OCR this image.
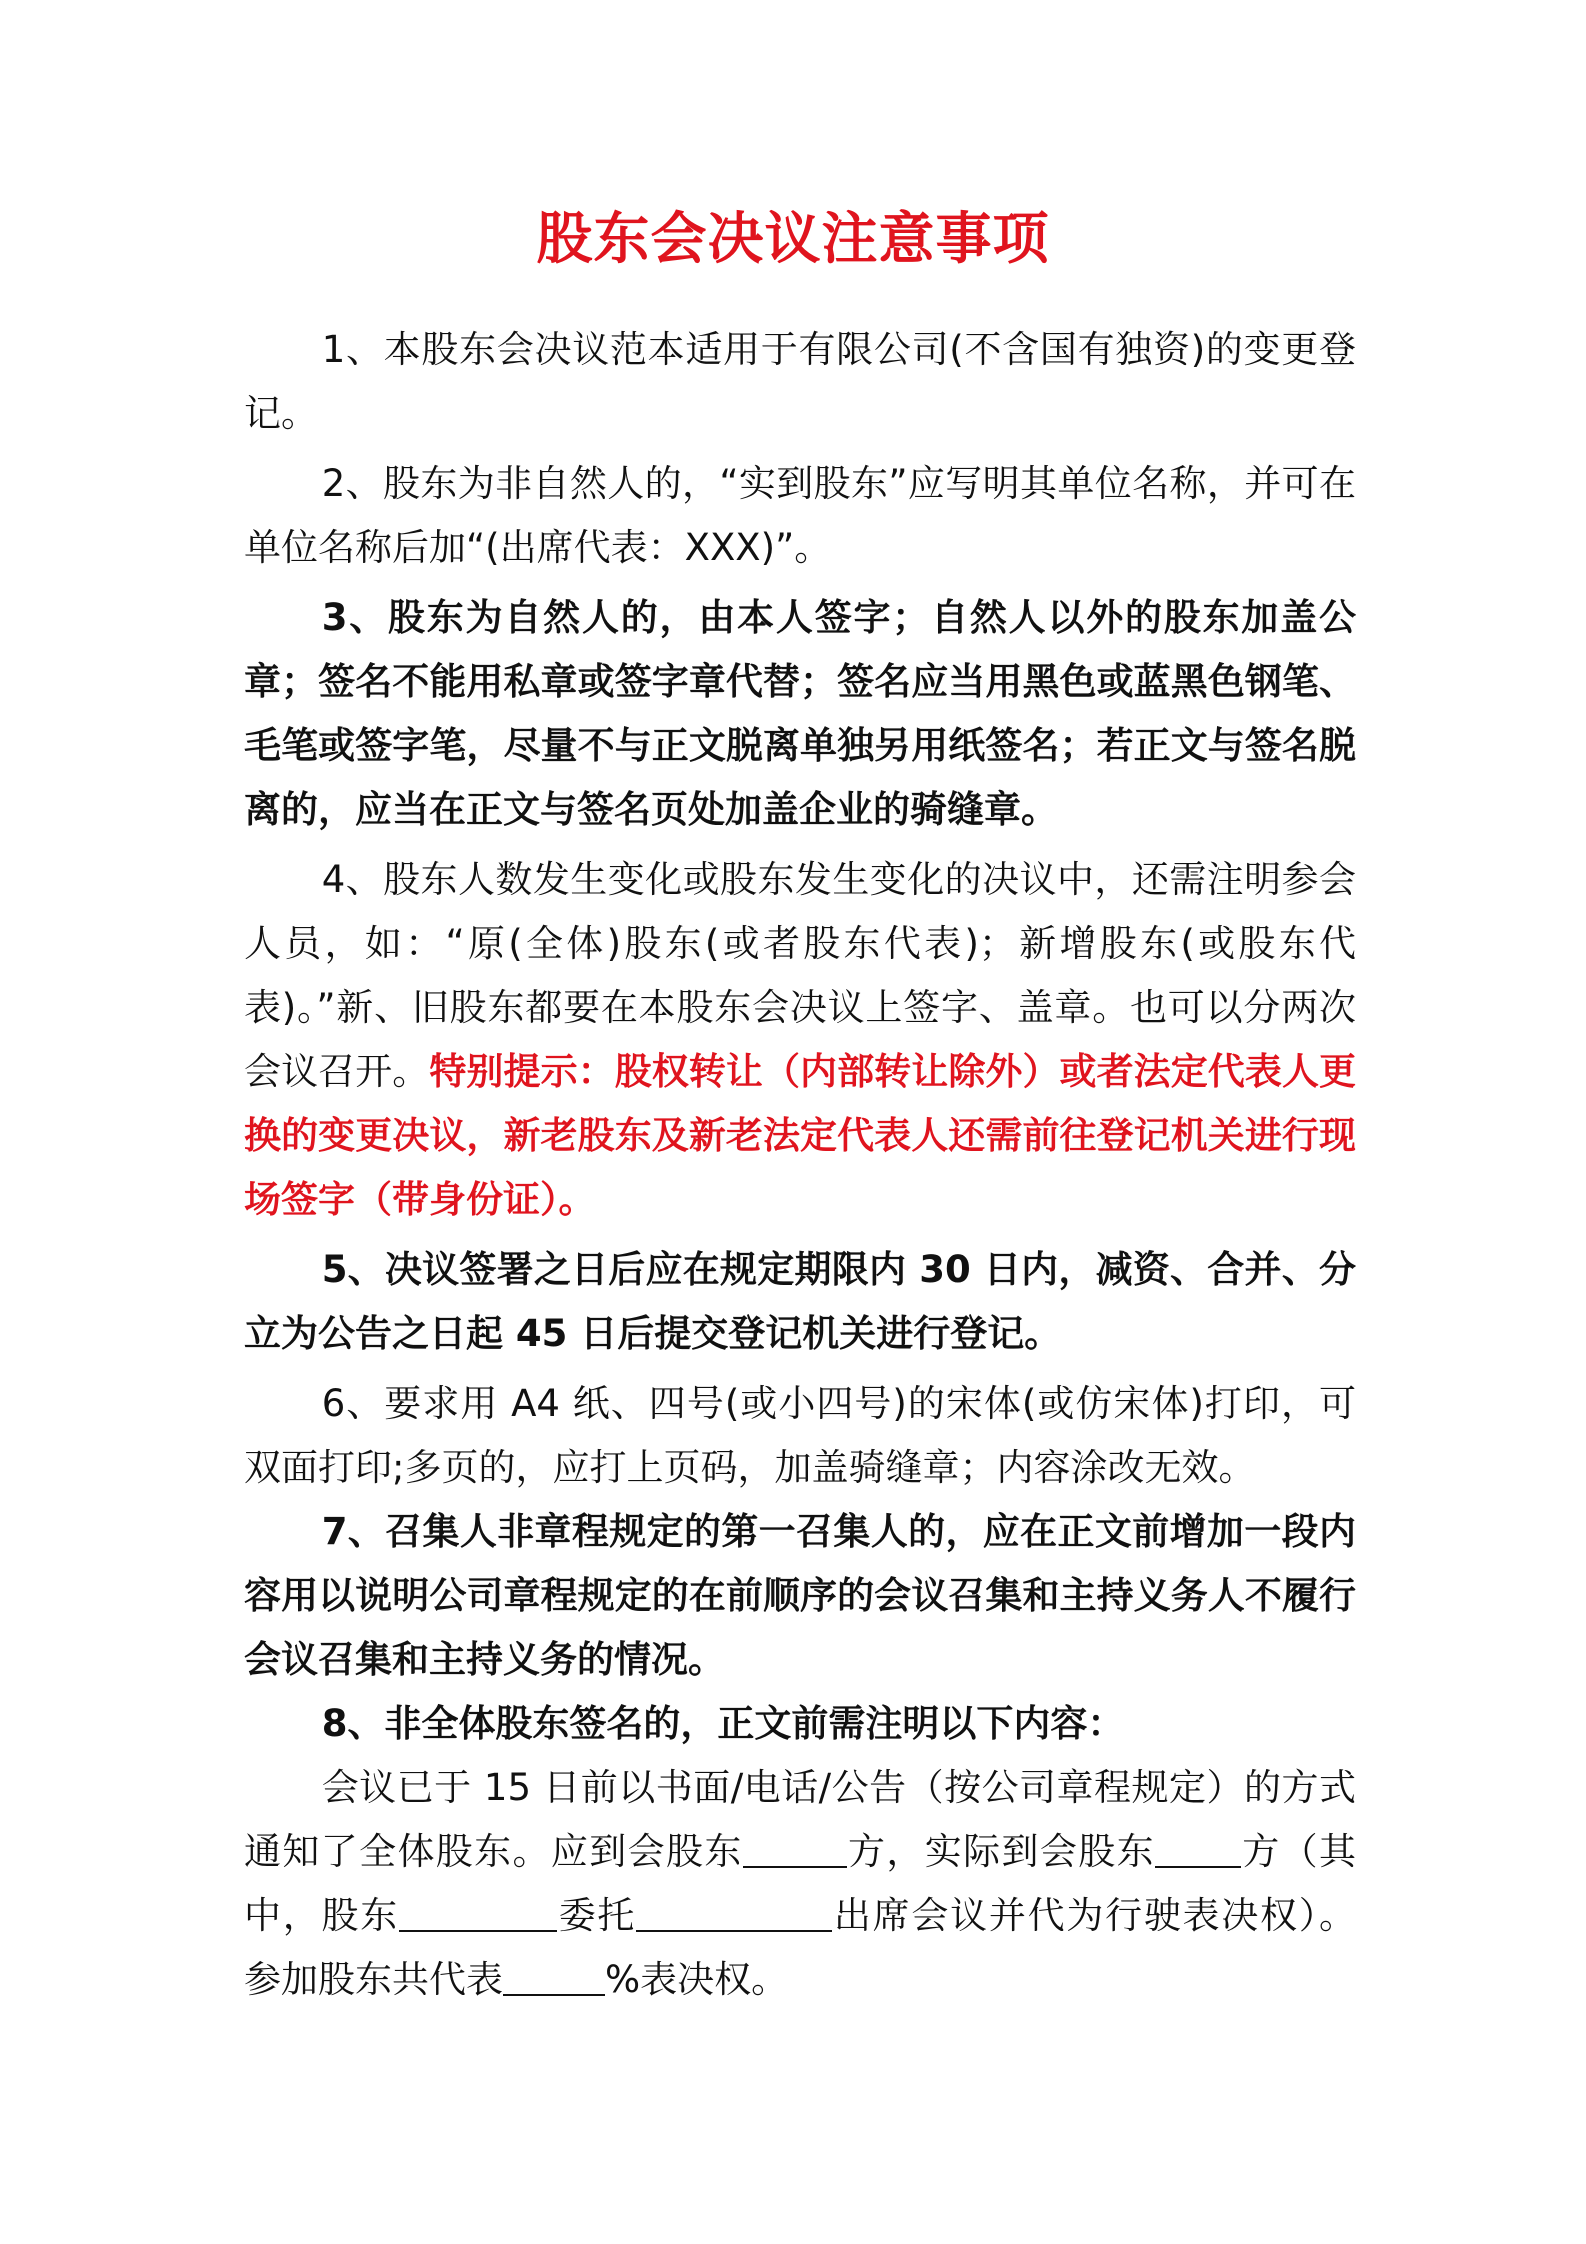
股东会决议注意事项

1、本股东会决议范本适用于有限公司(不含国有独资)的变更登记。

2、股东为非自然人的，“实到股东”应写明其单位名称，并可在单位名称后加“(出席代表：XXX)”。

3、股东为自然人的，由本人签字；自然人以外的股东加盖公章；签名不能用私章或签字章代替；签名应当用黑色或蓝黑色钢笔、毛笔或签字笔，尽量不与正文脱离单独另用纸签名；若正文与签名脱离的，应当在正文与签名页处加盖企业的骑缝章。

4、股东人数发生变化或股东发生变化的决议中，还需注明参会人员，如：“原(全体)股东(或者股东代表)；新增股东(或股东代表)。”新、旧股东都要在本股东会决议上签字、盖章。也可以分两次会议召开。特别提示：股权转让（内部转让除外）或者法定代表人更换的变更决议，新老股东及新老法定代表人还需前往登记机关进行现场签字（带身份证）。

5、决议签署之日后应在规定期限内 30 日内，减资、合并、分立为公告之日起 45 日后提交登记机关进行登记。

6、要求用 A4 纸、四号(或小四号)的宋体(或仿宋体)打印，可双面打印;多页的，应打上页码，加盖骑缝章；内容涂改无效。

7、召集人非章程规定的第一召集人的，应在正文前增加一段内容用以说明公司章程规定的在前顺序的会议召集和主持义务人不履行会议召集和主持义务的情况。

8、非全体股东签名的，正文前需注明以下内容：

会议已于 15 日前以书面/电话/公告（按公司章程规定）的方式通知了全体股东。应到会股东	方，实际到会股东 方（其中，股东	委托	出席会议并代为行驶表决权）。参加股东共代表	%表决权。
